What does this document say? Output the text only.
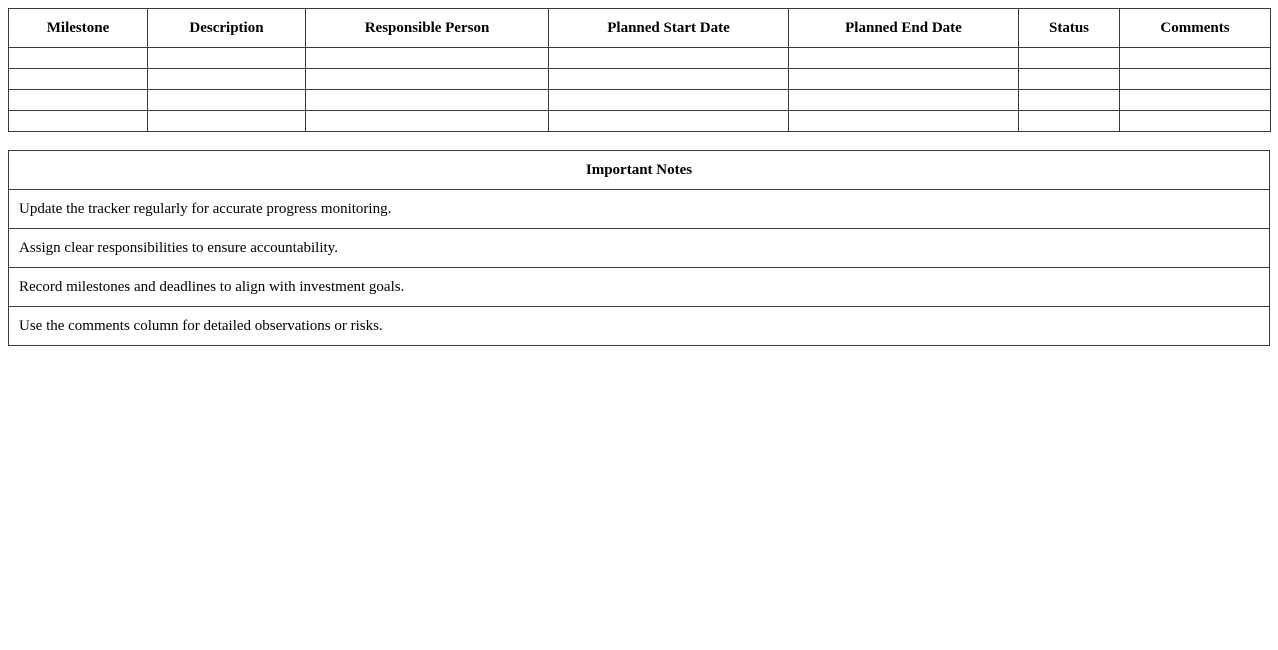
Milestone	Description	Responsible Person	Planned Start Date	Planned End Date	Status	Comments

Important Notes
Update the tracker regularly for accurate progress monitoring.
Assign clear responsibilities to ensure accountability.
Record milestones and deadlines to align with investment goals.
Use the comments column for detailed observations or risks.
